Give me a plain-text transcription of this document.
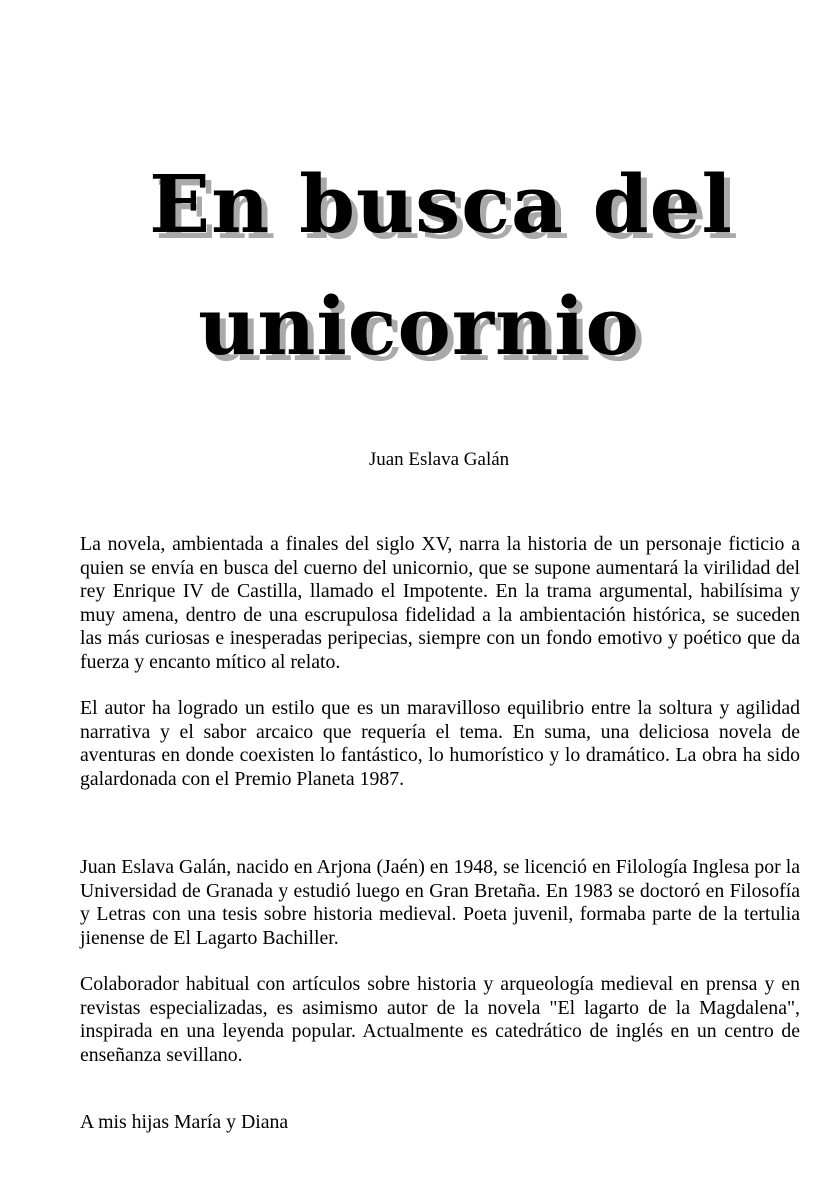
En busca del
unicornio
Juan Eslava Galán

La novela, ambientada a finales del siglo XV, narra la historia de un personaje ficticio a quien se envía en busca del cuerno del unicornio, que se supone aumentará la virilidad del rey Enrique IV de Castilla, llamado el Impotente. En la trama argumental, habilísima y muy amena, dentro de una escrupulosa fidelidad a la ambientación histórica, se suceden las más curiosas e inesperadas peripecias, siempre con un fondo emotivo y poético que da fuerza y encanto mítico al relato.

El autor ha logrado un estilo que es un maravilloso equilibrio entre la soltura y agilidad narrativa y el sabor arcaico que requería el tema. En suma, una deliciosa novela de aventuras en donde coexisten lo fantástico, lo humorístico y lo dramático. La obra ha sido galardonada con el Premio Planeta 1987.

Juan Eslava Galán, nacido en Arjona (Jaén) en 1948, se licenció en Filología Inglesa por la Universidad de Granada y estudió luego en Gran Bretaña. En 1983 se doctoró en Filosofía y Letras con una tesis sobre historia medieval. Poeta juvenil, formaba parte de la tertulia jienense de El Lagarto Bachiller.

Colaborador habitual con artículos sobre historia y arqueología medieval en prensa y en revistas especializadas, es asimismo autor de la novela "El lagarto de la Magdalena", inspirada en una leyenda popular. Actualmente es catedrático de inglés en un centro de enseñanza sevillano.

A mis hijas María y Diana
